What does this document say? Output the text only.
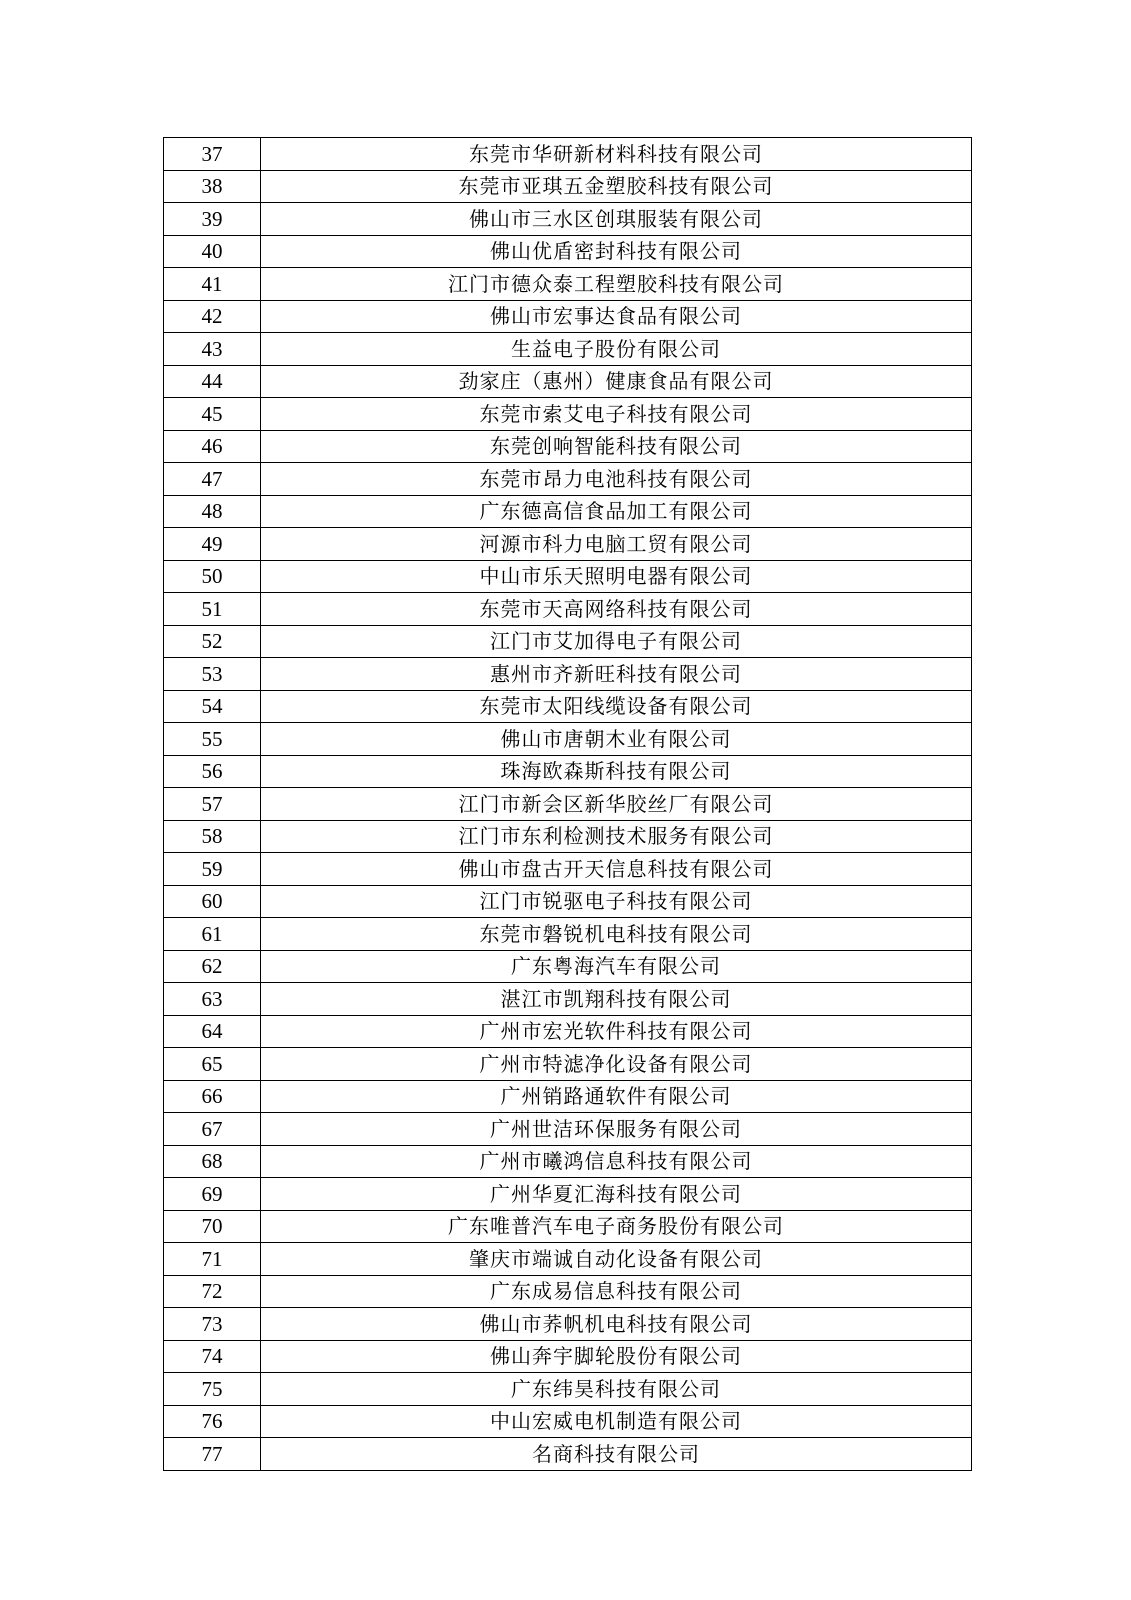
37	东莞市华研新材料科技有限公司
38	东莞市亚琪五金塑胶科技有限公司
39	佛山市三水区创琪服装有限公司
40	佛山优盾密封科技有限公司
41	江门市德众泰工程塑胶科技有限公司
42	佛山市宏事达食品有限公司
43	生益电子股份有限公司
44	劲家庄（惠州）健康食品有限公司
45	东莞市索艾电子科技有限公司
46	东莞创响智能科技有限公司
47	东莞市昂力电池科技有限公司
48	广东德高信食品加工有限公司
49	河源市科力电脑工贸有限公司
50	中山市乐天照明电器有限公司
51	东莞市天高网络科技有限公司
52	江门市艾加得电子有限公司
53	惠州市齐新旺科技有限公司
54	东莞市太阳线缆设备有限公司
55	佛山市唐朝木业有限公司
56	珠海欧森斯科技有限公司
57	江门市新会区新华胶丝厂有限公司
58	江门市东利检测技术服务有限公司
59	佛山市盘古开天信息科技有限公司
60	江门市锐驱电子科技有限公司
61	东莞市磐锐机电科技有限公司
62	广东粤海汽车有限公司
63	湛江市凯翔科技有限公司
64	广州市宏光软件科技有限公司
65	广州市特滤净化设备有限公司
66	广州销路通软件有限公司
67	广州世洁环保服务有限公司
68	广州市曦鸿信息科技有限公司
69	广州华夏汇海科技有限公司
70	广东唯普汽车电子商务股份有限公司
71	肇庆市端诚自动化设备有限公司
72	广东成易信息科技有限公司
73	佛山市荞帆机电科技有限公司
74	佛山奔宇脚轮股份有限公司
75	广东纬昊科技有限公司
76	中山宏威电机制造有限公司
77	名商科技有限公司
